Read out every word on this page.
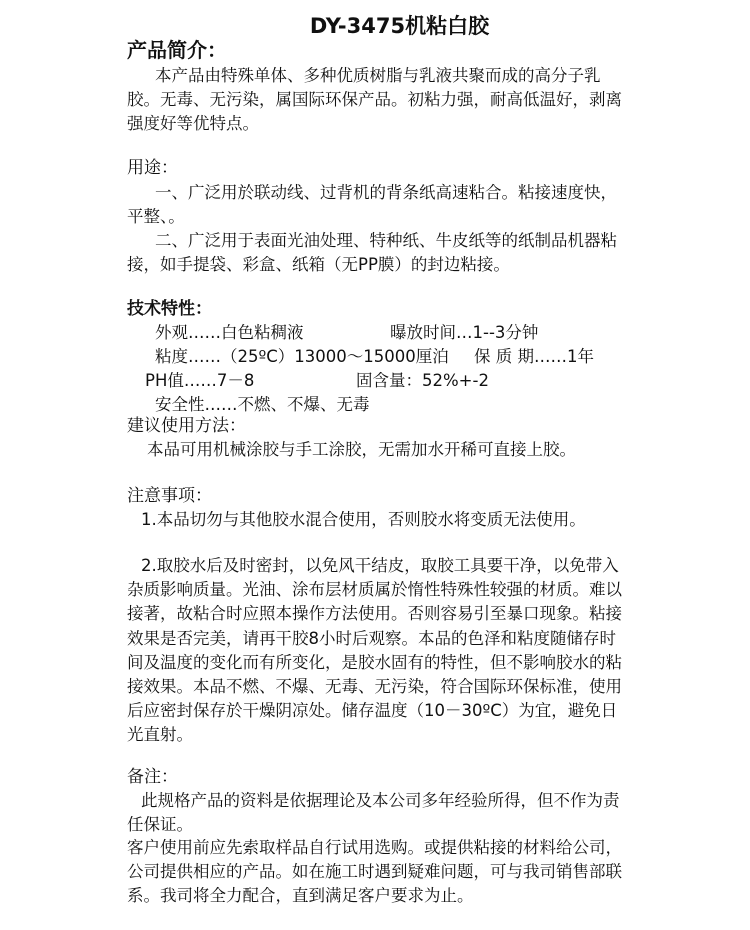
DY-3475机粘白胶
产品简介：
本产品由特殊单体、多种优质树脂与乳液共聚而成的高分子乳胶。无毒、无污染，属国际环保产品。初粘力强，耐高低温好，剥离强度好等优特点。
用途：
一、广泛用於联动线、过背机的背条纸高速粘合。粘接速度快，平整、。
二、广泛用于表面光油处理、特种纸、牛皮纸等的纸制品机器粘接，如手提袋、彩盒、纸箱（无PP膜）的封边粘接。
技术特性：
外观……白色粘稠液	曝放时间…1--3分钟
粘度……（25ºC）13000～15000厘泊 保 质 期……1年
PH值……7－8	固含量：52%+-2
安全性……不燃、不爆、无毒
建议使用方法：
本品可用机械涂胶与手工涂胶，无需加水开稀可直接上胶。
注意事项：
1.本品切勿与其他胶水混合使用，否则胶水将变质无法使用。
2.取胶水后及时密封，以免风干结皮，取胶工具要干净，以免带入杂质影响质量。光油、涂布层材质属於惰性特殊性较强的材质。难以接著，故粘合时应照本操作方法使用。否则容易引至暴口现象。粘接效果是否完美，请再干胶8小时后观察。本品的色泽和粘度随储存时间及温度的变化而有所变化，是胶水固有的特性，但不影响胶水的粘接效果。本品不燃、不爆、无毒、无污染，符合国际环保标准，使用后应密封保存於干燥阴凉处。储存温度（10－30ºC）为宜，避免日光直射。
备注：
此规格产品的资料是依据理论及本公司多年经验所得，但不作为责任保证。
客户使用前应先索取样品自行试用选购。或提供粘接的材料给公司，公司提供相应的产品。如在施工时遇到疑难问题，可与我司销售部联系。我司将全力配合，直到满足客户要求为止。
